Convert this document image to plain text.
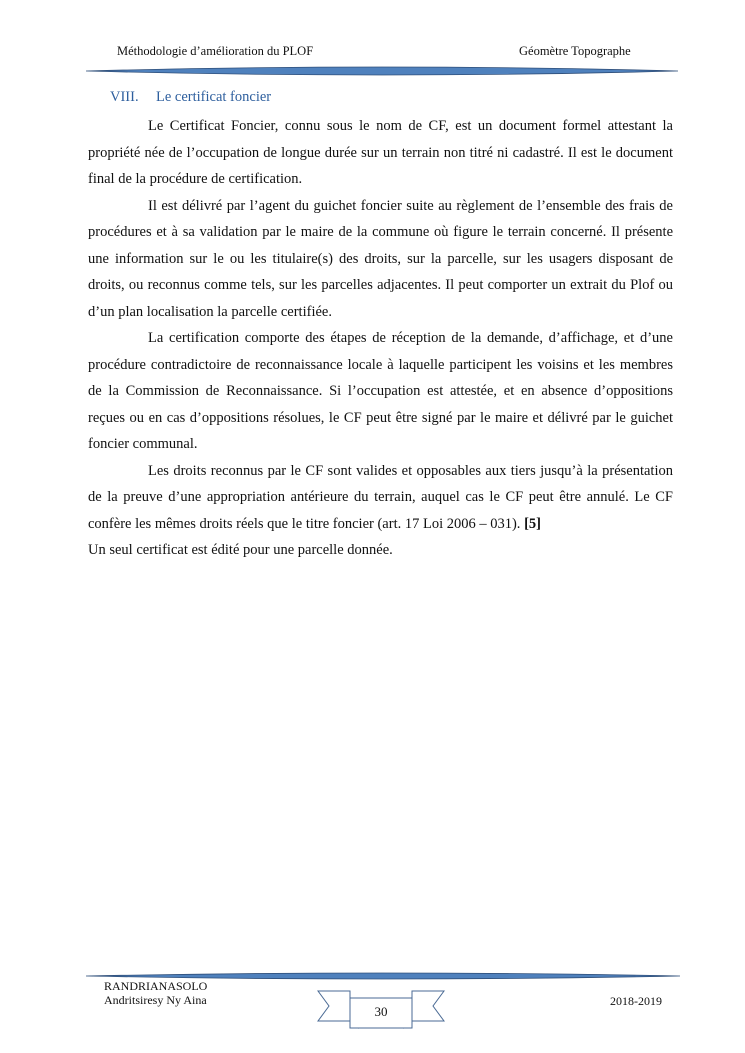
Méthodologie d’amélioration du PLOF	Géomètre Topographe
VIII. Le certificat foncier

Le Certificat Foncier, connu sous le nom de CF, est un document formel attestant la propriété née de l’occupation de longue durée sur un terrain non titré ni cadastré. Il est le document final de la procédure de certification.

Il est délivré par l’agent du guichet foncier suite au règlement de l’ensemble des frais de procédures et à sa validation par le maire de la commune où figure le terrain concerné. Il présente une information sur le ou les titulaire(s) des droits, sur la parcelle, sur les usagers disposant de droits, ou reconnus comme tels, sur les parcelles adjacentes. Il peut comporter un extrait du Plof ou d’un plan localisation la parcelle certifiée.

La certification comporte des étapes de réception de la demande, d’affichage, et d’une procédure contradictoire de reconnaissance locale à laquelle participent les voisins et les membres de la Commission de Reconnaissance. Si l’occupation est attestée, et en absence d’oppositions reçues ou en cas d’oppositions résolues, le CF peut être signé par le maire et délivré par le guichet foncier communal.

Les droits reconnus par le CF sont valides et opposables aux tiers jusqu’à la présentation de la preuve d’une appropriation antérieure du terrain, auquel cas le CF peut être annulé. Le CF confère les mêmes droits réels que le titre foncier (art. 17 Loi 2006 – 031). [5]

Un seul certificat est édité pour une parcelle donnée.

RANDRIANASOLO
Andritsiresy Ny Aina
30
2018-2019
